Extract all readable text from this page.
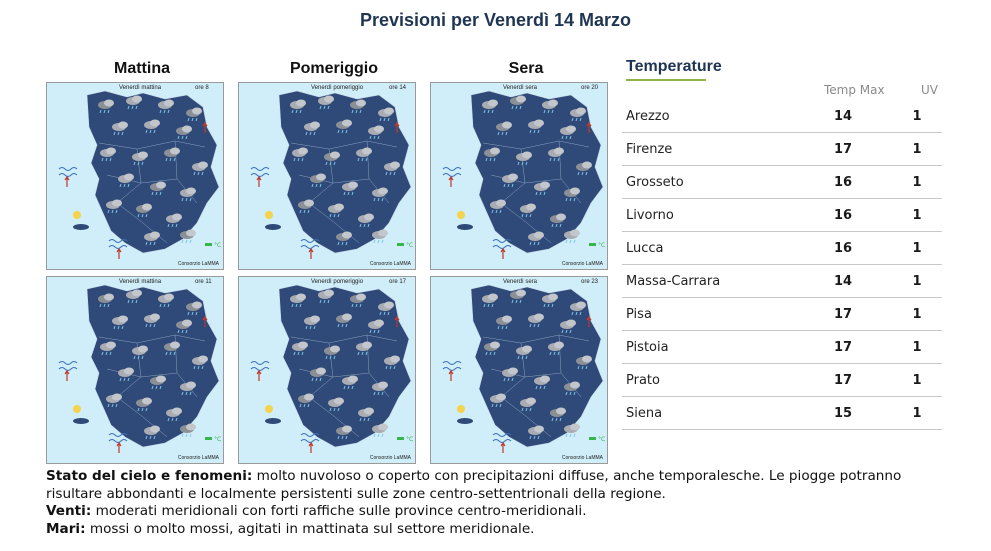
Previsioni per Venerdì 14 Marzo
Mattina	Pomeriggio	Sera
°C
Venerdì mattina	ore 8
Consorzio LaMMA
°C
Venerdì pomeriggio	ore 14
Consorzio LaMMA
°C
Venerdì sera	ore 20
Consorzio LaMMA
°C
Venerdì mattina	ore 11
Consorzio LaMMA
°C
Venerdì pomeriggio	ore 17
Consorzio LaMMA
°C
Venerdì sera	ore 23
Consorzio LaMMA
Temperature
Temp Max	UV
Arezzo	14	1
Firenze	17	1
Grosseto	16	1
Livorno	16	1
Lucca	16	1
Massa-Carrara	14	1
Pisa	17	1
Pistoia	17	1
Prato	17	1
Siena	15	1
Stato del cielo e fenomeni: molto nuvoloso o coperto con precipitazioni diffuse, anche temporalesche. Le piogge potranno risultare abbondanti e localmente persistenti sulle zone centro-settentrionali della regione.
Venti: moderati meridionali con forti raffiche sulle province centro-meridionali.
Mari: mossi o molto mossi, agitati in mattinata sul settore meridionale.
